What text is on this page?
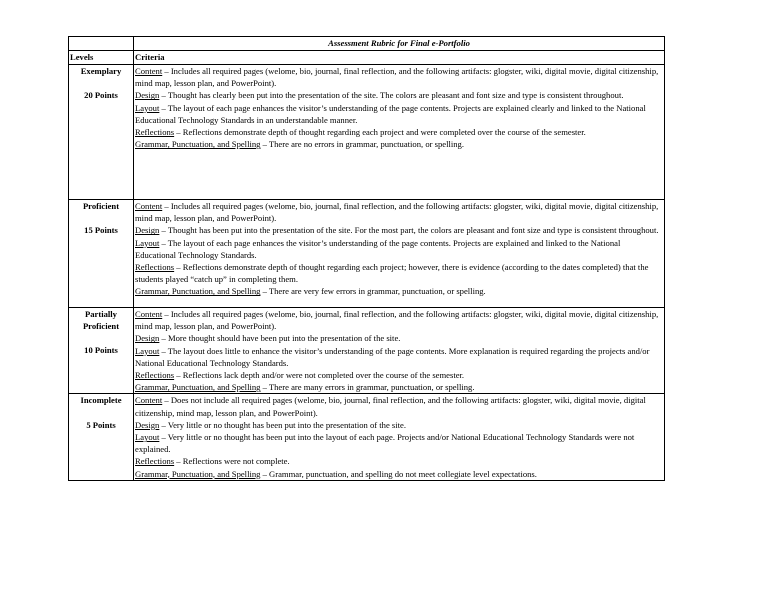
	Assessment Rubric for Final e-Portfolio
Levels	Criteria

Exemplary
20 Points	Content – Includes all required pages (welome, bio, journal, final reflection, and the following artifacts: glogster, wiki, digital movie, digital citizenship, mind map, lesson plan, and PowerPoint).
Design – Thought has clearly been put into the presentation of the site. The colors are pleasant and font size and type is consistent throughout.
Layout – The layout of each page enhances the visitor’s understanding of the page contents. Projects are explained clearly and linked to the National Educational Technology Standards in an understandable manner.
Reflections – Reflections demonstrate depth of thought regarding each project and were completed over the course of the semester.
Grammar, Punctuation, and Spelling – There are no errors in grammar, punctuation, or spelling.

Proficient
15 Points	Content – Includes all required pages (welome, bio, journal, final reflection, and the following artifacts: glogster, wiki, digital movie, digital citizenship, mind map, lesson plan, and PowerPoint).
Design – Thought has been put into the presentation of the site. For the most part, the colors are pleasant and font size and type is consistent throughout.
Layout – The layout of each page enhances the visitor’s understanding of the page contents. Projects are explained and linked to the National Educational Technology Standards.
Reflections – Reflections demonstrate depth of thought regarding each project; however, there is evidence (according to the dates completed) that the students played “catch up” in completing them.
Grammar, Punctuation, and Spelling – There are very few errors in grammar, punctuation, or spelling.

Partially Proficient
10 Points	Content – Includes all required pages (welome, bio, journal, final reflection, and the following artifacts: glogster, wiki, digital movie, digital citizenship, mind map, lesson plan, and PowerPoint).
Design – More thought should have been put into the presentation of the site.
Layout – The layout does little to enhance the visitor’s understanding of the page contents. More explanation is required regarding the projects and/or National Educational Technology Standards.
Reflections – Reflections lack depth and/or were not completed over the course of the semester.
Grammar, Punctuation, and Spelling – There are many errors in grammar, punctuation, or spelling.

Incomplete
5 Points	Content – Does not include all required pages (welome, bio, journal, final reflection, and the following artifacts: glogster, wiki, digital movie, digital citizenship, mind map, lesson plan, and PowerPoint).
Design – Very little or no thought has been put into the presentation of the site.
Layout – Very little or no thought has been put into the layout of each page. Projects and/or National Educational Technology Standards were not explained.
Reflections – Reflections were not complete.
Grammar, Punctuation, and Spelling – Grammar, punctuation, and spelling do not meet collegiate level expectations.
